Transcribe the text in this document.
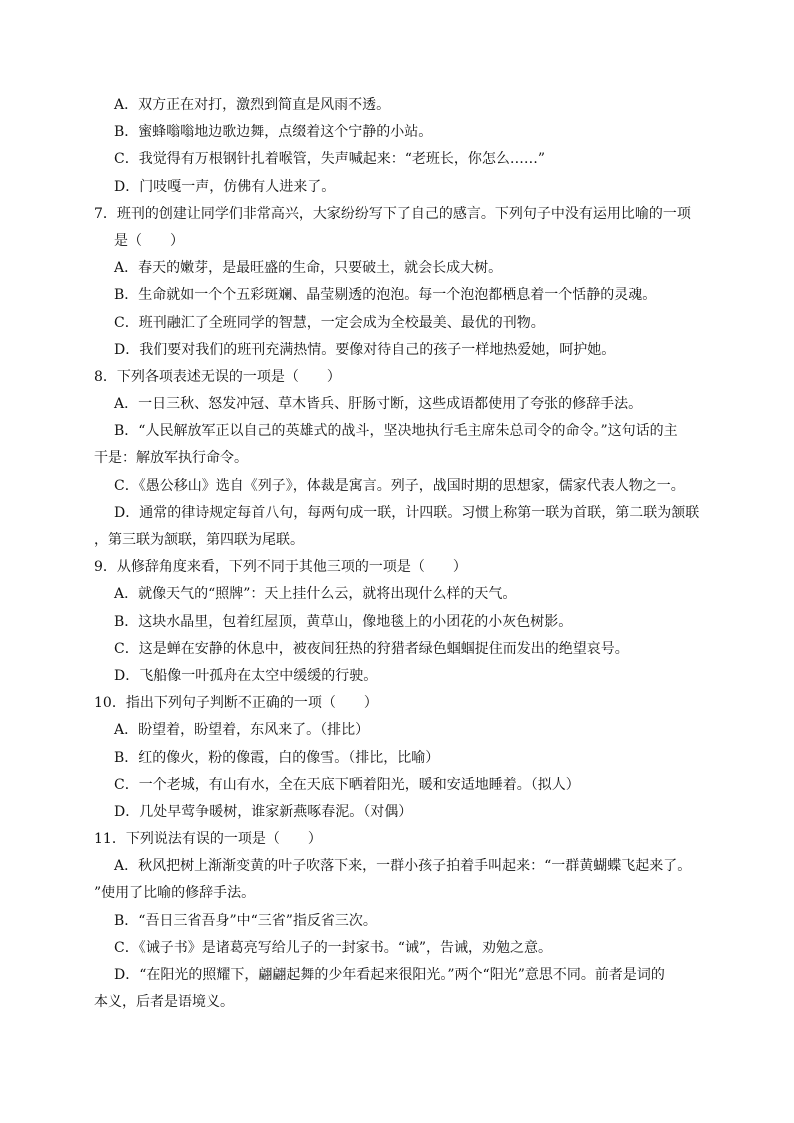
A．双方正在对打，激烈到简直是风雨不透。
B．蜜蜂嗡嗡地边歌边舞，点缀着这个宁静的小站。
C．我觉得有万根钢针扎着喉管，失声喊起来：“老班长，你怎么……”
D．门吱嘎一声，仿佛有人进来了。
7．班刊的创建让同学们非常高兴，大家纷纷写下了自己的感言。下列句子中没有运用比喻的一项
是（　　）
A．春天的嫩芽，是最旺盛的生命，只要破土，就会长成大树。
B．生命就如一个个五彩斑斓、晶莹剔透的泡泡。每一个泡泡都栖息着一个恬静的灵魂。
C．班刊融汇了全班同学的智慧，一定会成为全校最美、最优的刊物。
D．我们要对我们的班刊充满热情。要像对待自己的孩子一样地热爱她，呵护她。
8．下列各项表述无误的一项是（　　）
A．一日三秋、怒发冲冠、草木皆兵、肝肠寸断，这些成语都使用了夸张的修辞手法。
B．“人民解放军正以自己的英雄式的战斗，坚决地执行毛主席朱总司令的命令。”这句话的主
干是：解放军执行命令。
C．《愚公移山》选自《列子》，体裁是寓言。列子，战国时期的思想家，儒家代表人物之一。
D．通常的律诗规定每首八句，每两句成一联，计四联。习惯上称第一联为首联，第二联为颔联
，第三联为颔联，第四联为尾联。
9．从修辞角度来看，下列不同于其他三项的一项是（　　）
A．就像天气的“照牌”：天上挂什么云，就将出现什么样的天气。
B．这块水晶里，包着红屋顶，黄草山，像地毯上的小团花的小灰色树影。
C．这是蝉在安静的休息中，被夜间狂热的狩猎者绿色蝈蝈捉住而发出的绝望哀号。
D．飞船像一叶孤舟在太空中缓缓的行驶。
10．指出下列句子判断不正确的一项（　　）
A．盼望着，盼望着，东风来了。（排比）
B．红的像火，粉的像霞，白的像雪。（排比，比喻）
C．一个老城，有山有水，全在天底下晒着阳光，暖和安适地睡着。（拟人）
D．几处早莺争暖树，谁家新燕啄春泥。（对偶）
11．下列说法有误的一项是（　　）
A．秋风把树上渐渐变黄的叶子吹落下来，一群小孩子拍着手叫起来：“一群黄蝴蝶飞起来了。
”使用了比喻的修辞手法。
B．“吾日三省吾身”中“三省”指反省三次。
C．《诫子书》是诸葛亮写给儿子的一封家书。“诫”，告诫，劝勉之意。
D．“在阳光的照耀下，翩翩起舞的少年看起来很阳光。”两个“阳光”意思不同。前者是词的
本义，后者是语境义。
